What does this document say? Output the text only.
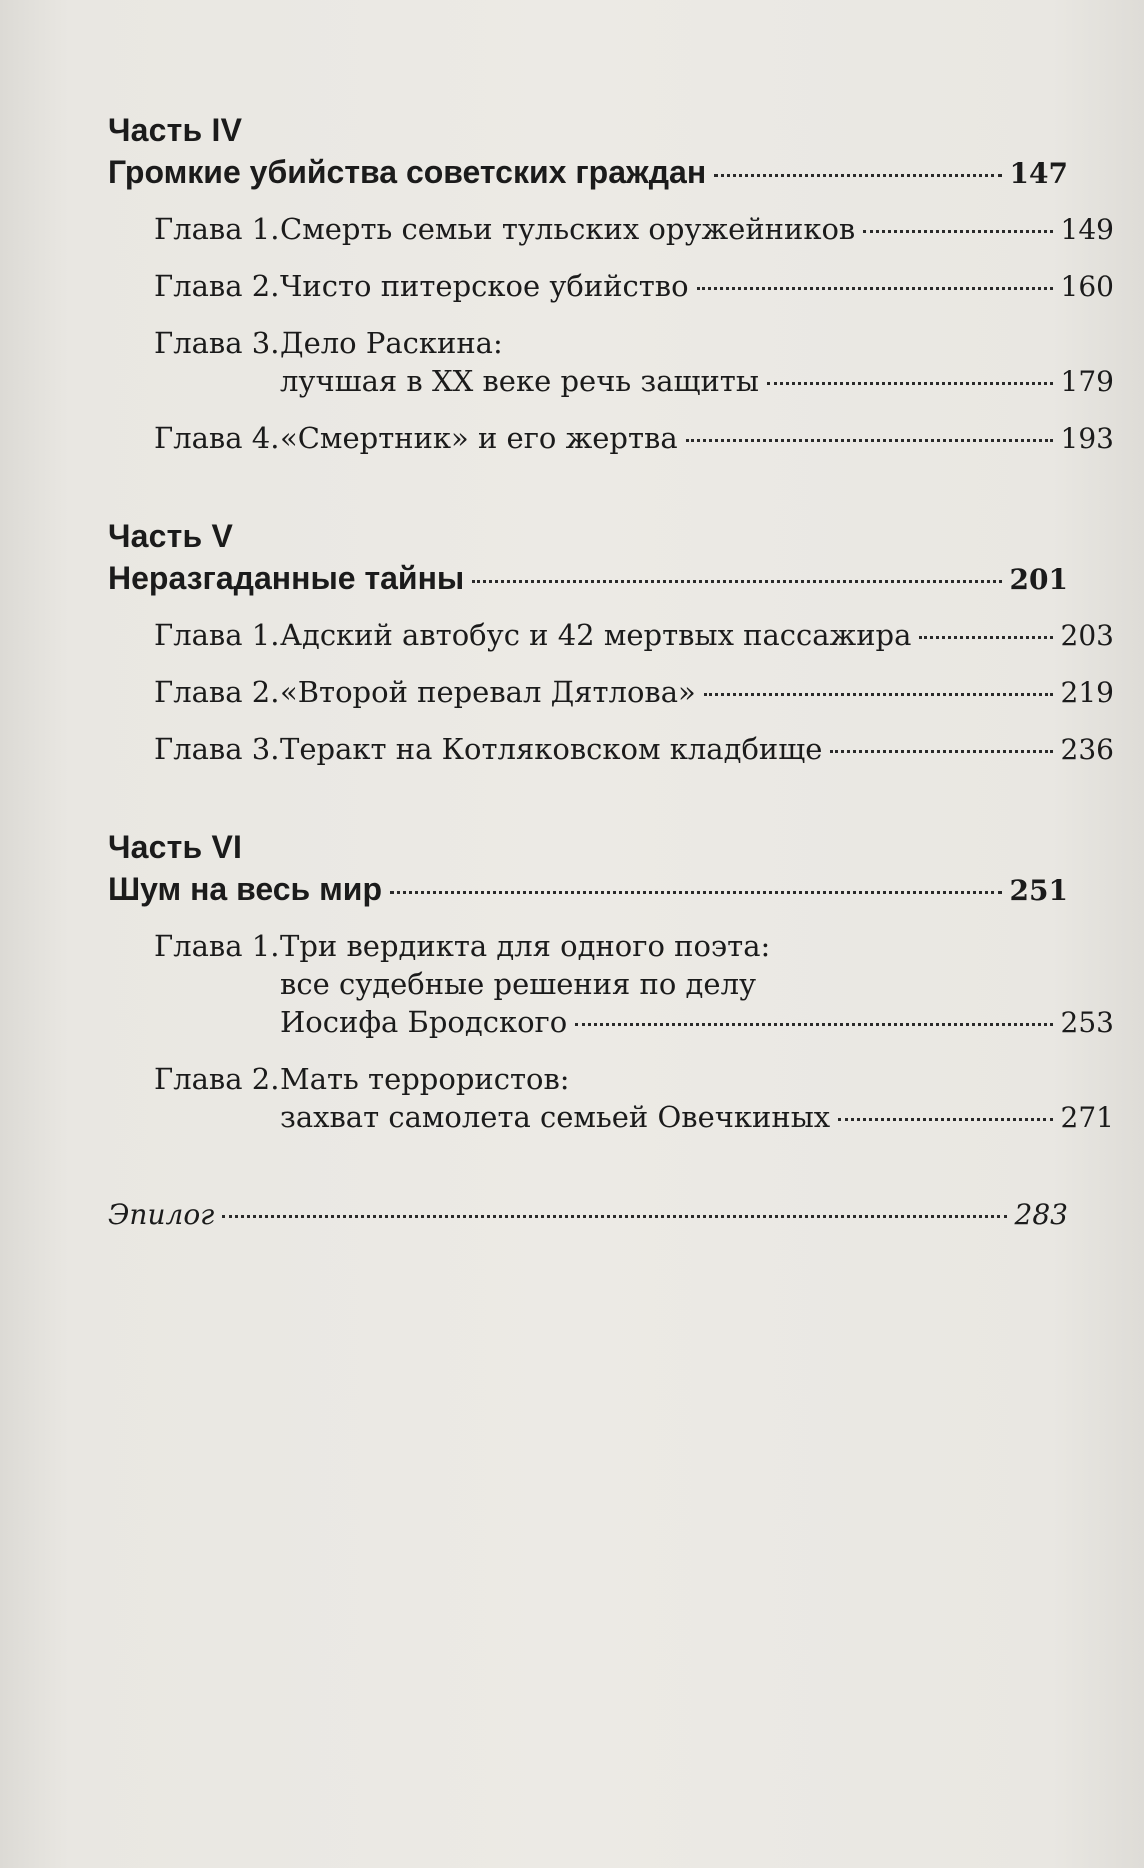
Часть IV
Громкие убийства советских граждан	147
Глава 1. Смерть семьи тульских оружейников	149
Глава 2. Чисто питерское убийство	160
Глава 3. Дело Раскина:
лучшая в XX веке речь защиты	179
Глава 4. «Смертник» и его жертва	193
Часть V
Неразгаданные тайны	201
Глава 1. Адский автобус и 42 мертвых пассажира	203
Глава 2. «Второй перевал Дятлова»	219
Глава 3. Теракт на Котляковском кладбище	236
Часть VI
Шум на весь мир	251
Глава 1. Три вердикта для одного поэта:
все судебные решения по делу
Иосифа Бродского	253
Глава 2. Мать террористов:
захват самолета семьей Овечкиных	271
Эпилог	283
